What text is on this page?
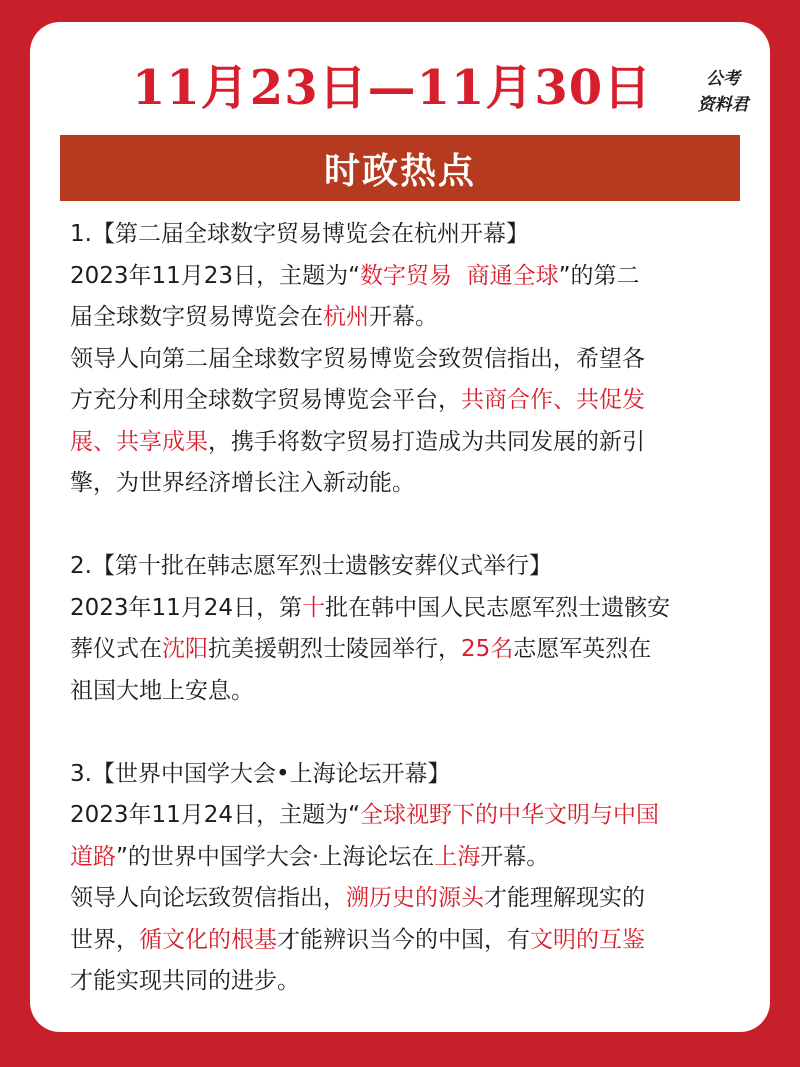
11月23日—11月30日	公考
资料君
时政热点
1.【第二届全球数字贸易博览会在杭州开幕】
2023年11月23日，主题为“数字贸易  商通全球”的第二
届全球数字贸易博览会在杭州开幕。
领导人向第二届全球数字贸易博览会致贺信指出，希望各
方充分利用全球数字贸易博览会平台，共商合作、共促发
展、共享成果，携手将数字贸易打造成为共同发展的新引
擎，为世界经济增长注入新动能。
2.【第十批在韩志愿军烈士遗骸安葬仪式举行】
2023年11月24日，第十批在韩中国人民志愿军烈士遗骸安
葬仪式在沈阳抗美援朝烈士陵园举行，25名志愿军英烈在
祖国大地上安息。
3.【世界中国学大会•上海论坛开幕】
2023年11月24日，主题为“全球视野下的中华文明与中国
道路”的世界中国学大会·上海论坛在上海开幕。
领导人向论坛致贺信指出，溯历史的源头才能理解现实的
世界，循文化的根基才能辨识当今的中国，有文明的互鉴
才能实现共同的进步。
